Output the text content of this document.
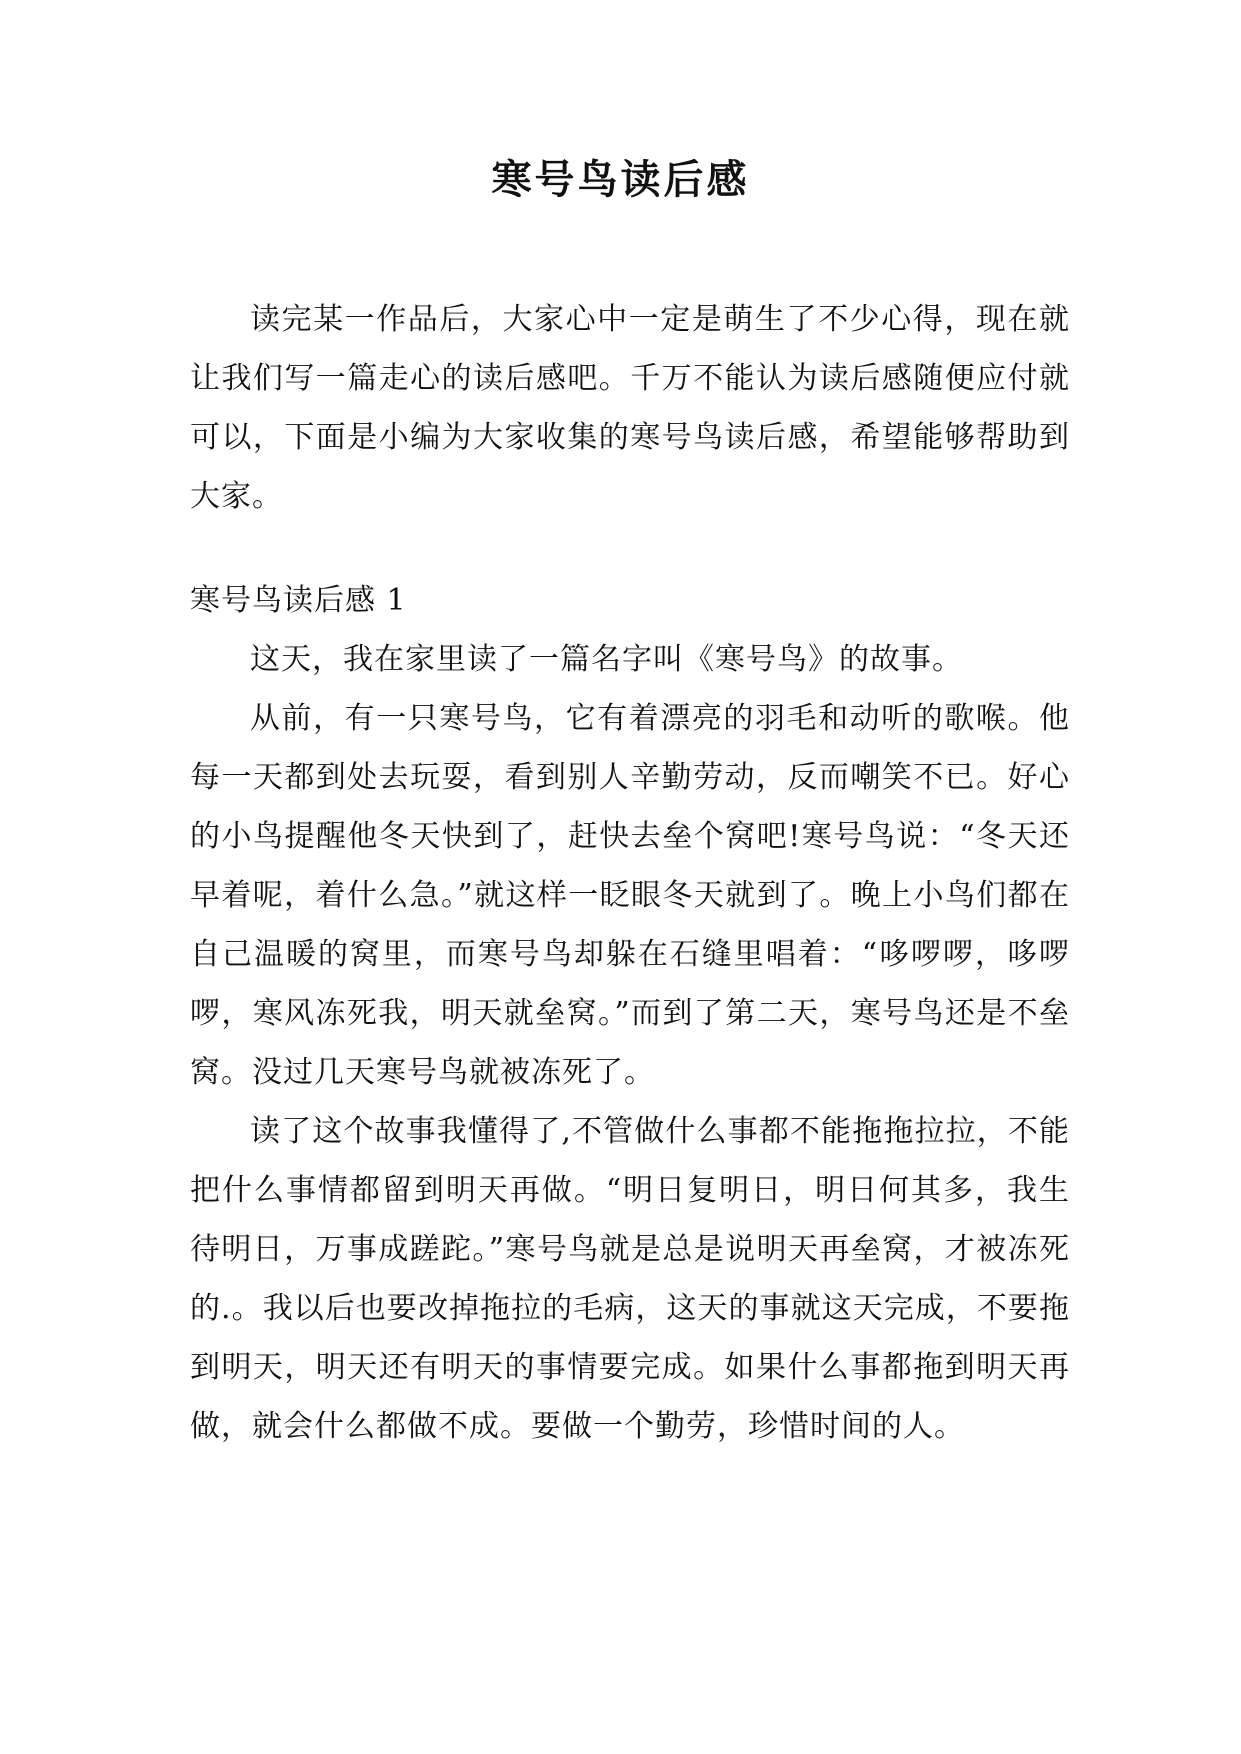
寒号鸟读后感

读完某一作品后，大家心中一定是萌生了不少心得，现在就让我们写一篇走心的读后感吧。千万不能认为读后感随便应付就可以，下面是小编为大家收集的寒号鸟读后感，希望能够帮助到大家。

寒号鸟读后感 1

这天，我在家里读了一篇名字叫《寒号鸟》的故事。

从前，有一只寒号鸟，它有着漂亮的羽毛和动听的歌喉。他每一天都到处去玩耍，看到别人辛勤劳动，反而嘲笑不已。好心的小鸟提醒他冬天快到了，赶快去垒个窝吧!寒号鸟说：“冬天还早着呢，着什么急。”就这样一眨眼冬天就到了。晚上小鸟们都在自己温暖的窝里，而寒号鸟却躲在石缝里唱着：“哆啰啰，哆啰啰，寒风冻死我，明天就垒窝。”而到了第二天，寒号鸟还是不垒窝。没过几天寒号鸟就被冻死了。

读了这个故事我懂得了,不管做什么事都不能拖拖拉拉，不能把什么事情都留到明天再做。“明日复明日，明日何其多，我生待明日，万事成蹉跎。”寒号鸟就是总是说明天再垒窝，才被冻死的.。我以后也要改掉拖拉的毛病，这天的事就这天完成，不要拖到明天，明天还有明天的事情要完成。如果什么事都拖到明天再做，就会什么都做不成。要做一个勤劳，珍惜时间的人。
